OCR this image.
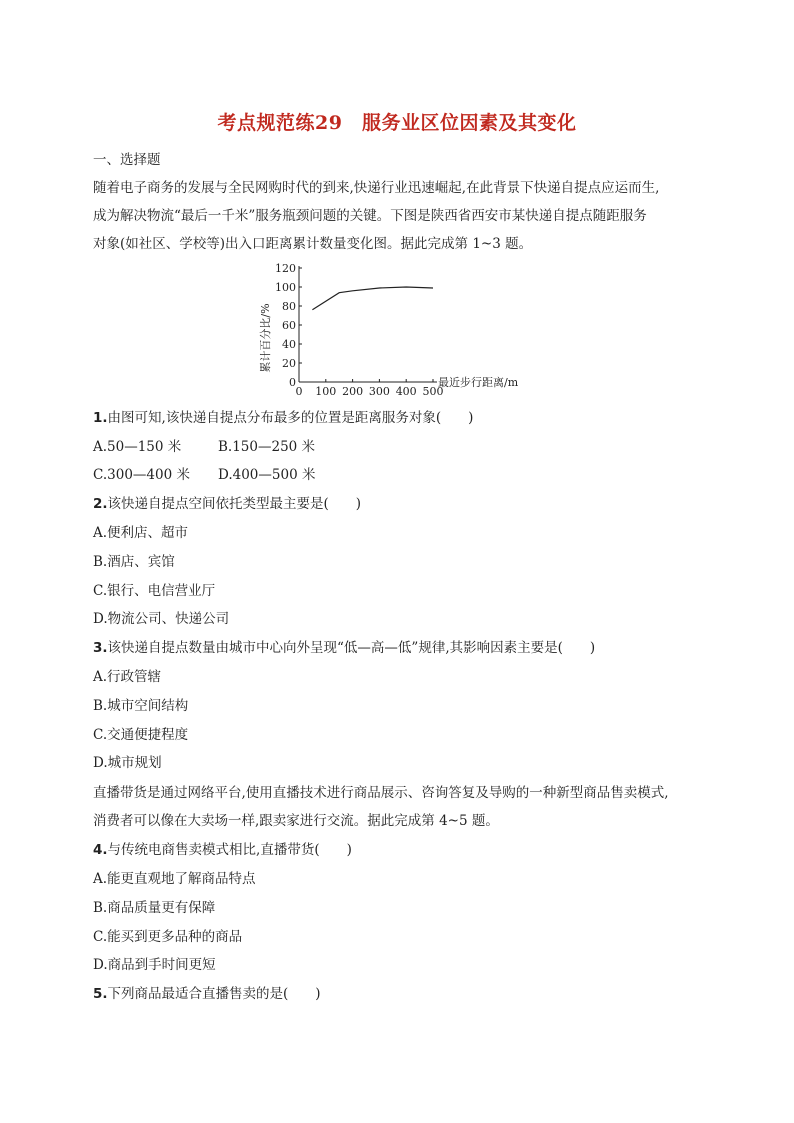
考点规范练29　服务业区位因素及其变化
一、选择题
随着电子商务的发展与全民网购时代的到来,快递行业迅速崛起,在此背景下快递自提点应运而生,
成为解决物流“最后一千米”服务瓶颈问题的关键。下图是陕西省西安市某快递自提点随距服务
对象(如社区、学校等)出入口距离累计数量变化图。据此完成第 1~3 题。
0
20
40
60
80
100
120
0 100 200 300 400 500
累计百分比/%
最近步行距离/m
1.由图可知,该快递自提点分布最多的位置是距离服务对象(　　)
A.50—150 米	B.150—250 米
C.300—400 米 D.400—500 米
2.该快递自提点空间依托类型最主要是(　　)
A.便利店、超市
B.酒店、宾馆
C.银行、电信营业厅
D.物流公司、快递公司
3.该快递自提点数量由城市中心向外呈现“低—高—低”规律,其影响因素主要是(　　)
A.行政管辖
B.城市空间结构
C.交通便捷程度
D.城市规划
直播带货是通过网络平台,使用直播技术进行商品展示、咨询答复及导购的一种新型商品售卖模式,
消费者可以像在大卖场一样,跟卖家进行交流。据此完成第 4~5 题。
4.与传统电商售卖模式相比,直播带货(　　)
A.能更直观地了解商品特点
B.商品质量更有保障
C.能买到更多品种的商品
D.商品到手时间更短
5.下列商品最适合直播售卖的是(　　)
